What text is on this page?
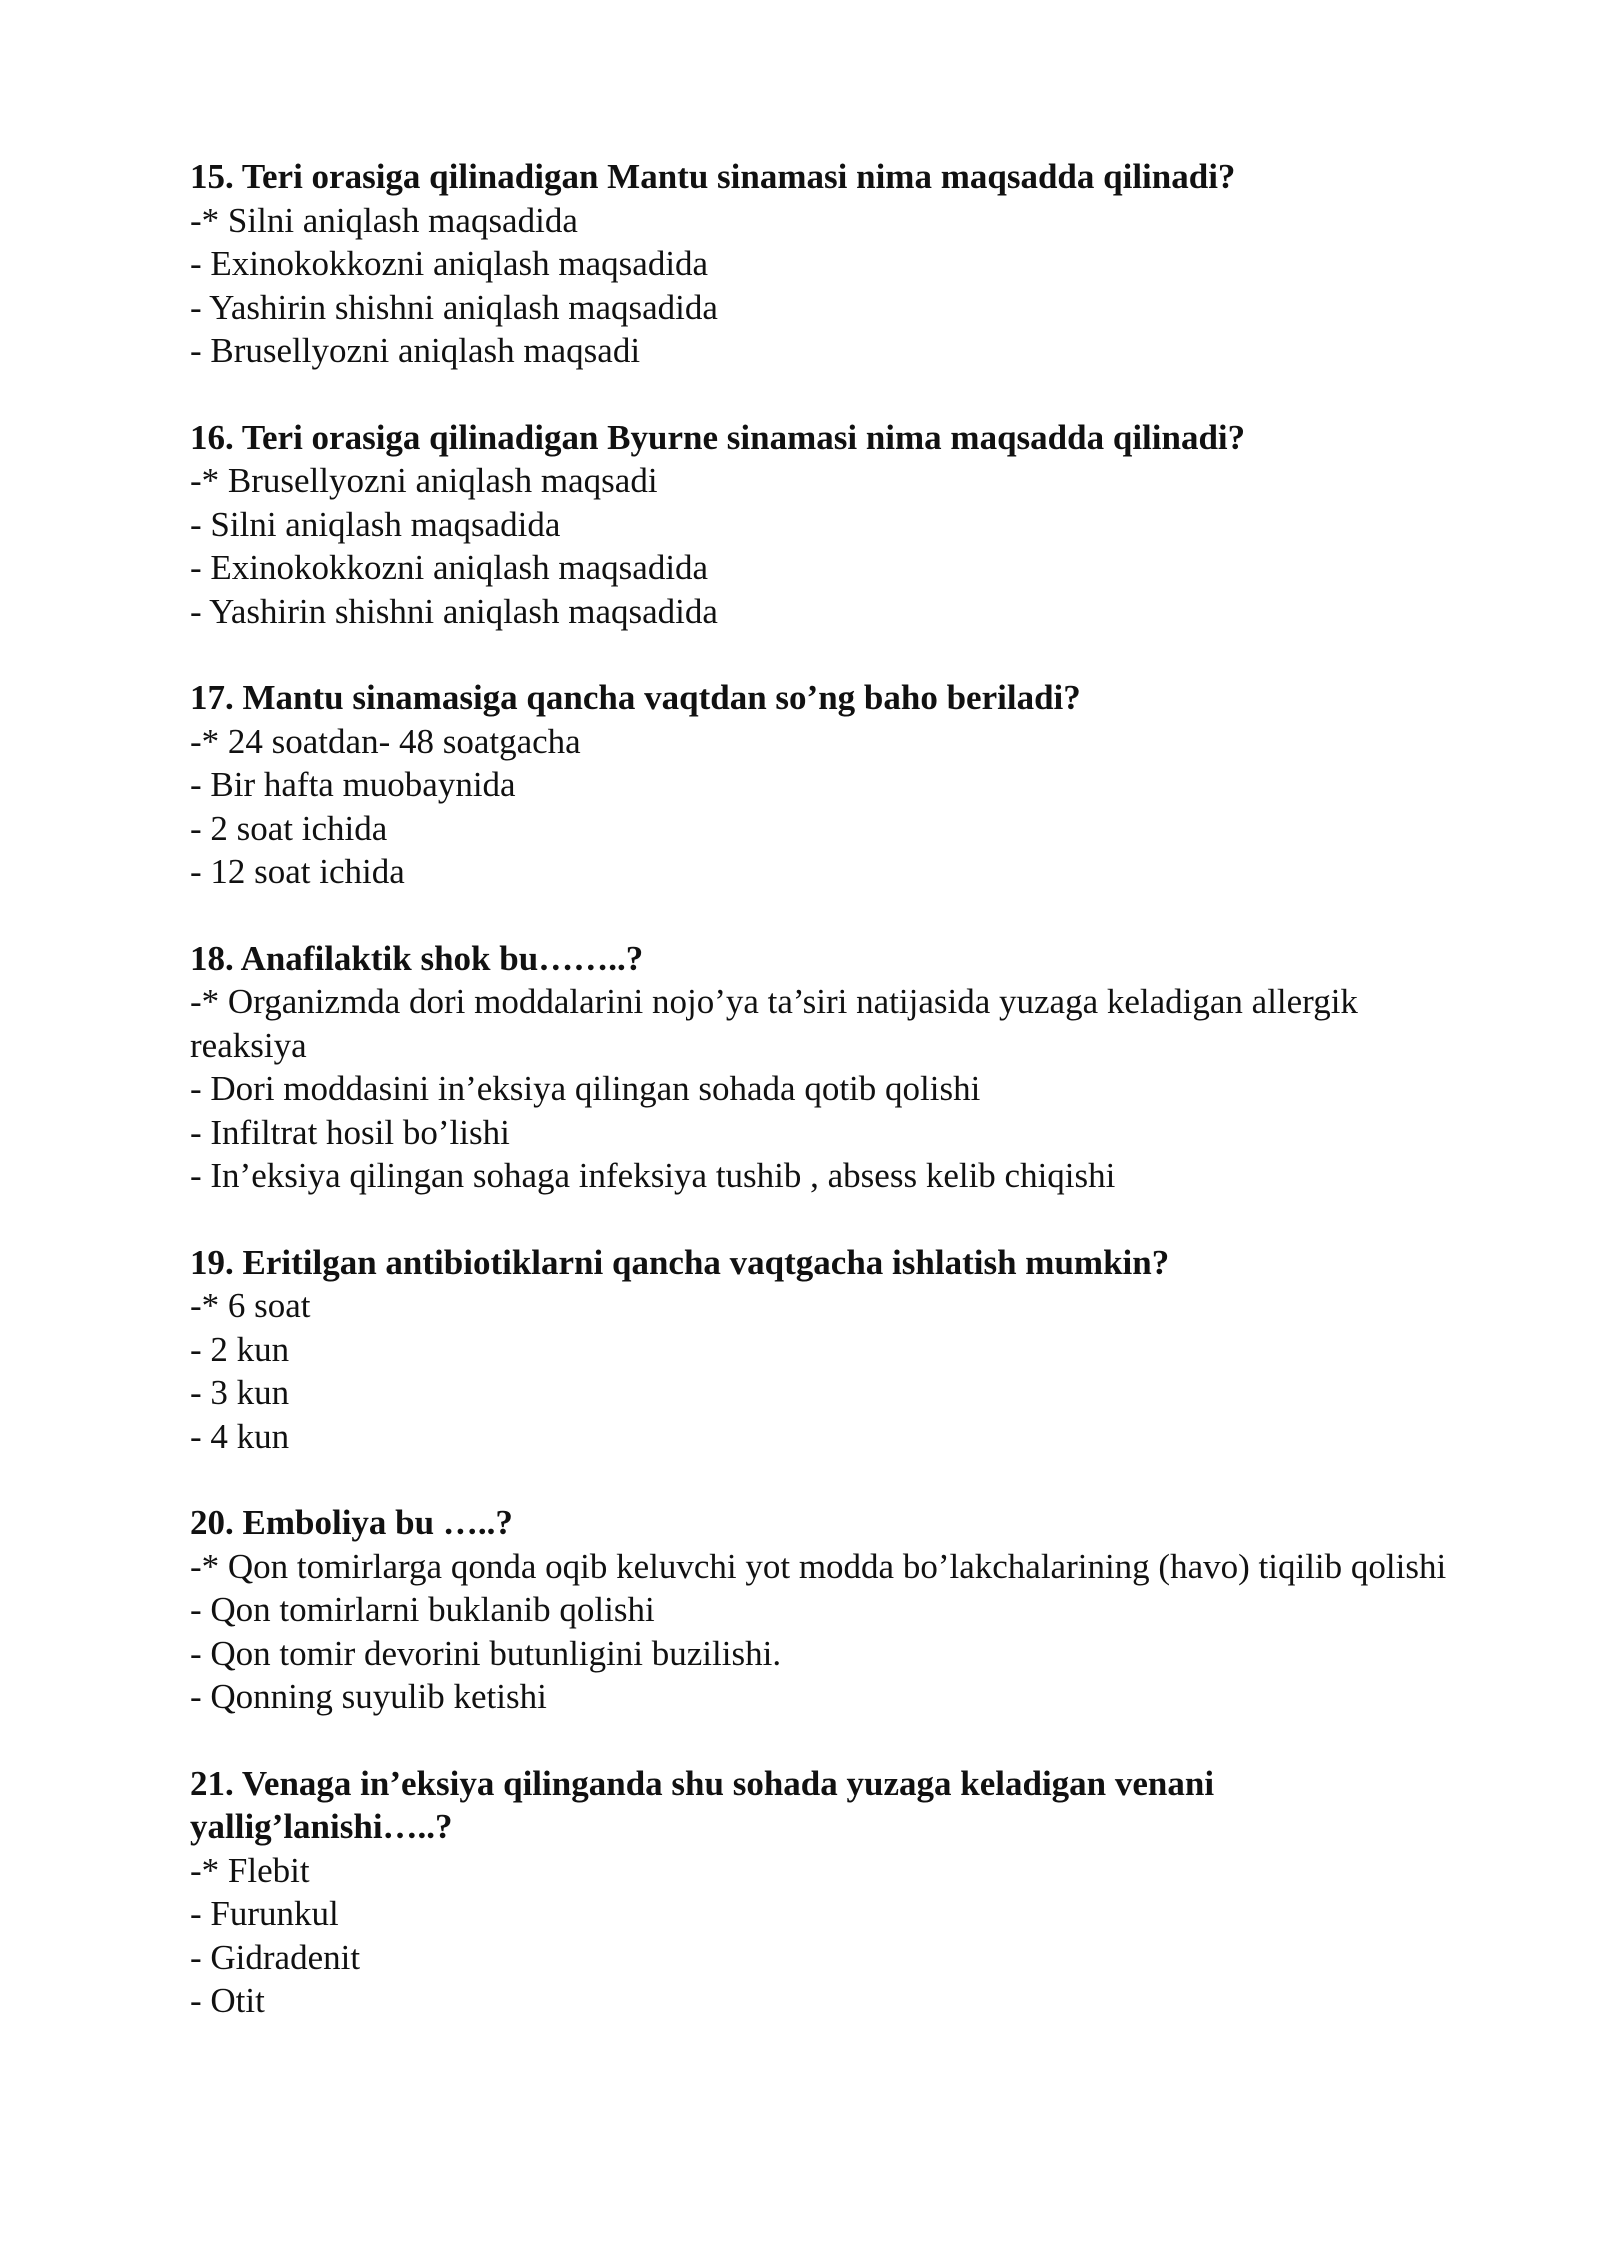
15. Teri orasiga qilinadigan Mantu sinamasi nima maqsadda qilinadi?

-* Silni aniqlash maqsadida
- Exinokokkozni aniqlash maqsadida
- Yashirin shishni aniqlash maqsadida
- Brusellyozni aniqlash maqsadi

16. Teri orasiga qilinadigan Byurne sinamasi nima maqsadda qilinadi?

-* Brusellyozni aniqlash maqsadi
- Silni aniqlash maqsadida
- Exinokokkozni aniqlash maqsadida
- Yashirin shishni aniqlash maqsadida

17. Mantu sinamasiga qancha vaqtdan so’ng baho beriladi?

-* 24 soatdan- 48 soatgacha
- Bir hafta muobaynida
- 2 soat ichida
- 12 soat ichida

18. Anafilaktik shok bu……..?

-* Organizmda dori moddalarini nojo’ya ta’siri natijasida yuzaga keladigan allergik reaksiya
- Dori moddasini in’eksiya qilingan sohada qotib qolishi
- Infiltrat hosil bo’lishi
- In’eksiya qilingan sohaga infeksiya tushib , absess kelib chiqishi

19. Eritilgan antibiotiklarni qancha vaqtgacha ishlatish mumkin?

-* 6 soat
- 2 kun
- 3 kun
- 4 kun

20. Emboliya bu …..?

-* Qon tomirlarga qonda oqib keluvchi yot modda bo’lakchalarining (havo) tiqilib qolishi
- Qon tomirlarni buklanib qolishi
- Qon tomir devorini butunligini buzilishi.
- Qonning suyulib ketishi

21. Venaga in’eksiya qilinganda shu sohada yuzaga keladigan venani yallig’lanishi…..?

-* Flebit
- Furunkul
- Gidradenit
- Otit
